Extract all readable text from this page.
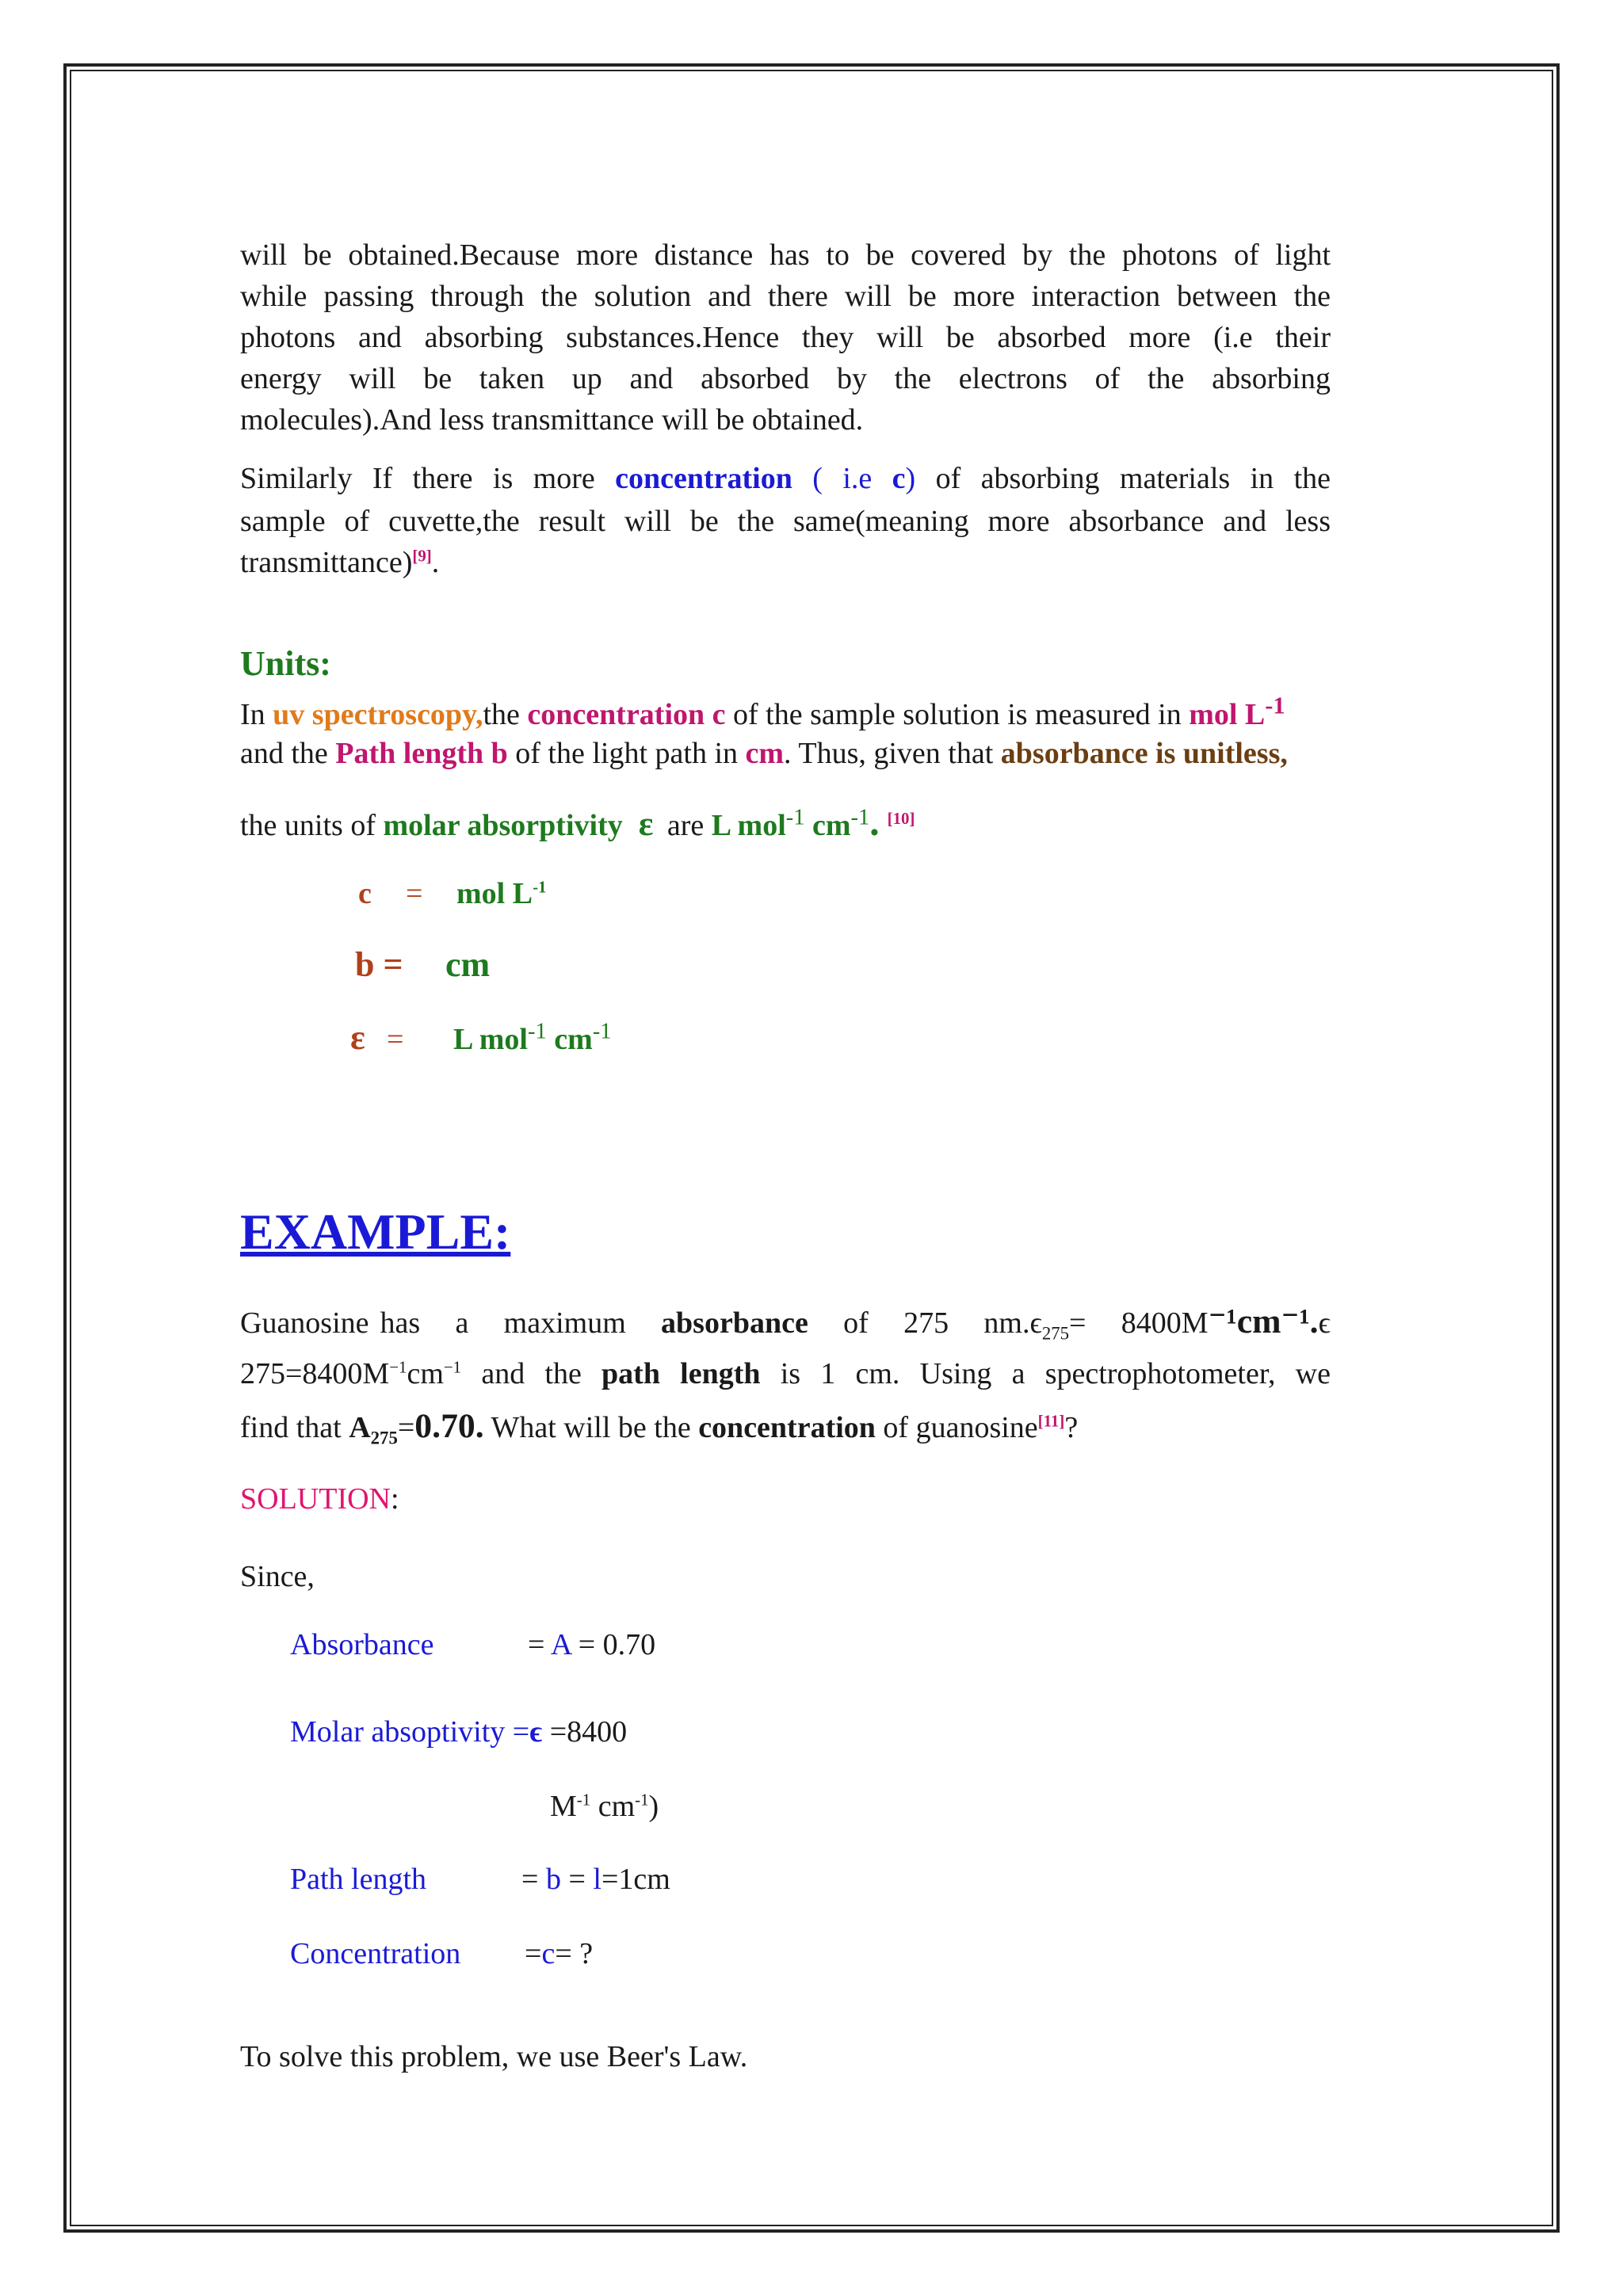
will be obtained.Because more distance has to be covered by the photons of light
while passing through the solution and there will be more interaction between the
photons and absorbing substances.Hence they will be absorbed more (i.e their
energy will be taken up and absorbed by the electrons of the absorbing
molecules).And less transmittance will be obtained.
Similarly If there is more concentration ( i.e c) of absorbing materials in the
sample of cuvette,the result will be the same(meaning more absorbance and less
transmittance)[9].
Units:
In uv spectroscopy,the concentration c of the sample solution is measured in mol $L^{-1}$
and the Path length b of the light path in cm. Thus, given that absorbance is unitless,
the units of molar absorptivity ε are L mol$^{-1}$ $cm^{-1}$. [10]
c = mol $L^{-1}$
b = cm
ε = L mol$^{-1}$ $cm^{-1}$
EXAMPLE:
Guanosine has a maximum absorbance of 275 $nm.\epsilon_{275}= 8400M^{-1}cm^{-1}.\epsilon$
$275=8400M^{-1}cm^{-1}$ and the path length is 1 cm. Using a spectrophotometer, we
find that $A_{275}=0.70$. What will be the concentration of guanosine[11]?
SOLUTION:
Since,
Absorbance	= A = 0.70
Molar absoptivity =ϵ =8400
$M^{-1}$ $cm^{-1}$)
Path length	= b = l=1cm
Concentration =c= ?
To solve this problem, we use Beer's Law.
